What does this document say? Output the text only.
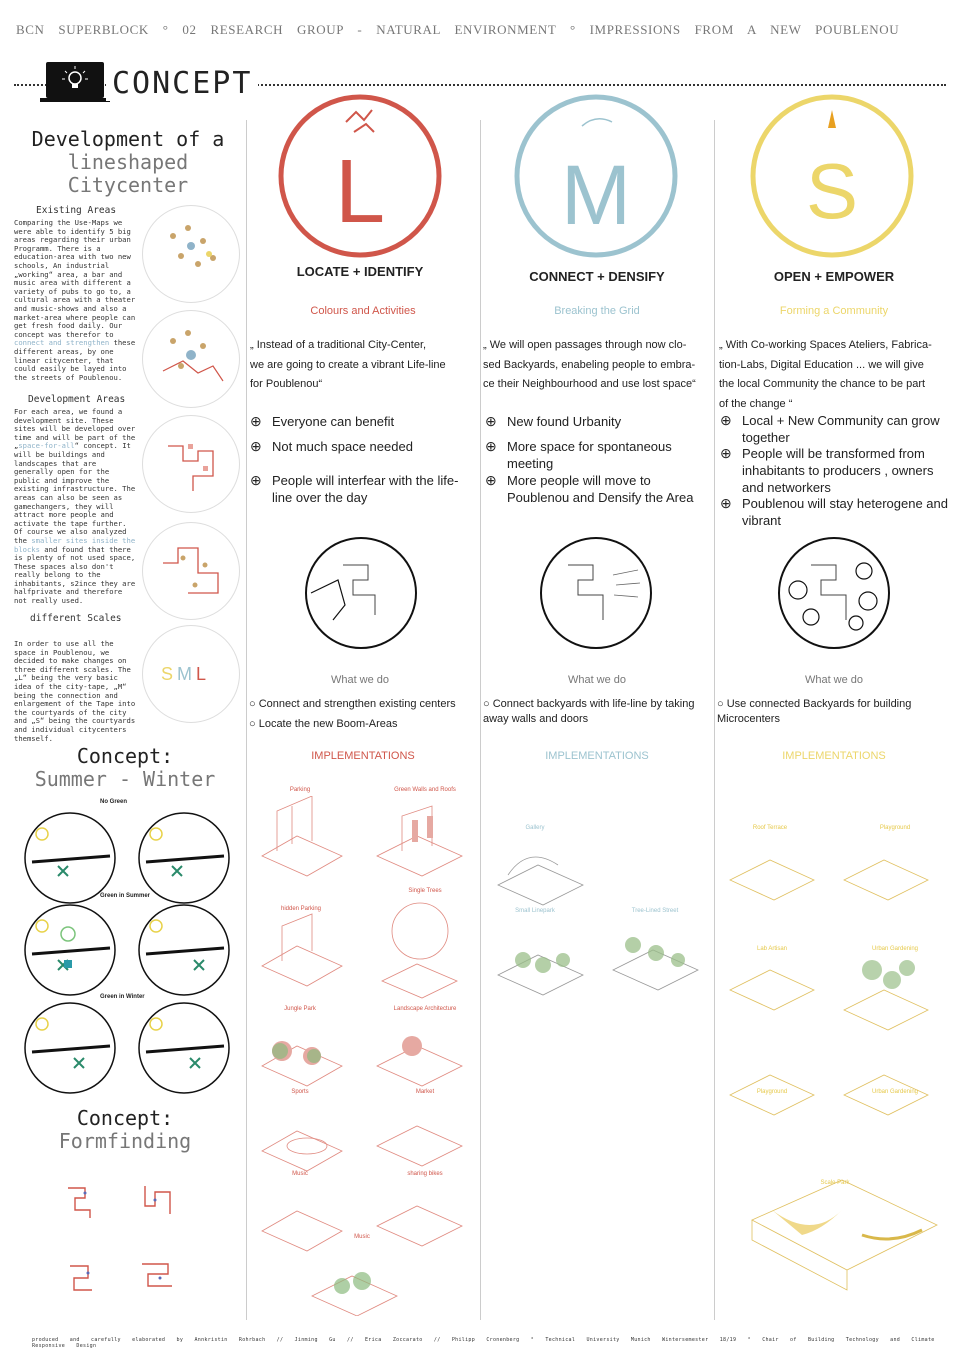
BCN SUPERBLOCK ° 02 RESEARCH GROUP - NATURAL ENVIRONMENT ° IMPRESSIONS FROM A NEW POUBLENOU
CONCEPT
Development of a
lineshaped
Citycenter
Existing Areas
Comparing the Use-Maps we were able to identify 5 big areas regarding their urban Programm. There is a education-area with two new schools, An industrial „working“ area, a bar and music area with different a variety of pubs to go to, a cultural area with a theater and music-shows and also a market-area where people can get fresh food daily. Our concept was therefor to connect and strengthen these different areas, by one linear citycenter, that could easily be layed into the streets of Poublenou.
Development Areas
For each area, we found a development site. These sites will be developed over time and will be part of the „space-for-all“ concept. It will be buildings and landscapes that are generally open for the public and improve the existing infrastructure. The areas can also be seen as gamechangers, they will attract more people and activate the tape further. Of course we also analyzed the smaller sites inside the blocks and found that there is plenty of not used space, These spaces also don't really belong to the inhabitants, s2ince they are halfprivate and therefore not really used.
different Scales
In order to use all the space in Poublenou, we decided to make changes on three different scales. The „L“ being the very basic idea of the city-tape, „M“ being the connection and enlargement of the Tape into the courtyards of the city and „S“ being the courtyards and individual citycenters themself.
SML
Concept:
Summer - Winter
No Green
Green in Summer
Green in Winter
Concept:
Formfinding
L
LOCATE + IDENTIFY
Colours and Activities
„ Instead of a traditional City-Center,
we are going to create a vibrant Life-line
for Poublenou“
⊕ Everyone can benefit
⊕ Not much space needed
⊕ People will interfear with the life-line over the day
What we do
○ Connect and strengthen existing centers
○ Locate the new Boom-Areas
IMPLEMENTATIONS
Parking	Green Walls and Roofs
Single Trees
hidden Parking
Jungle Park	Landscape Architecture
Sports	Market
Music	sharing bikes
Music
M
CONNECT + DENSIFY
Breaking the Grid
„ We will open passages through now clo-
sed Backyards, enabeling people to embra-
ce their Neighbourhood and use lost space“
⊕ New found Urbanity
⊕ More space for spontaneous meeting
⊕ More people will move to Poublenou and Densify the Area
What we do
○ Connect backyards with life-line by taking away walls and doors
IMPLEMENTATIONS
Gallery
Small Linepark	Tree-Lined Street
S
OPEN + EMPOWER
Forming a Community
„ With Co-working Spaces Ateliers, Fabrica-
tion-Labs, Digital Education ... we will give
the local Community the chance to be part
of the change “
⊕ Local + New Community can grow together
⊕ People will be transformed from inhabitants to producers , owners and networkers
⊕ Poublenou will stay heterogene and vibrant
What we do
○ Use connected Backyards for building Microcenters
IMPLEMENTATIONS
Roof Terrace	Playground
Lab Artisan	Urban Gardening
Playground	Urban Gardening
Scale Park
produced and carefully elaborated by Annkristin Rohrbach // Jinming Gu // Erica Zoccarato // Philipp Cronenberg ° Technical University Munich Wintersemester 18/19 ° Chair of Building Technology and Climate Responsive Design
